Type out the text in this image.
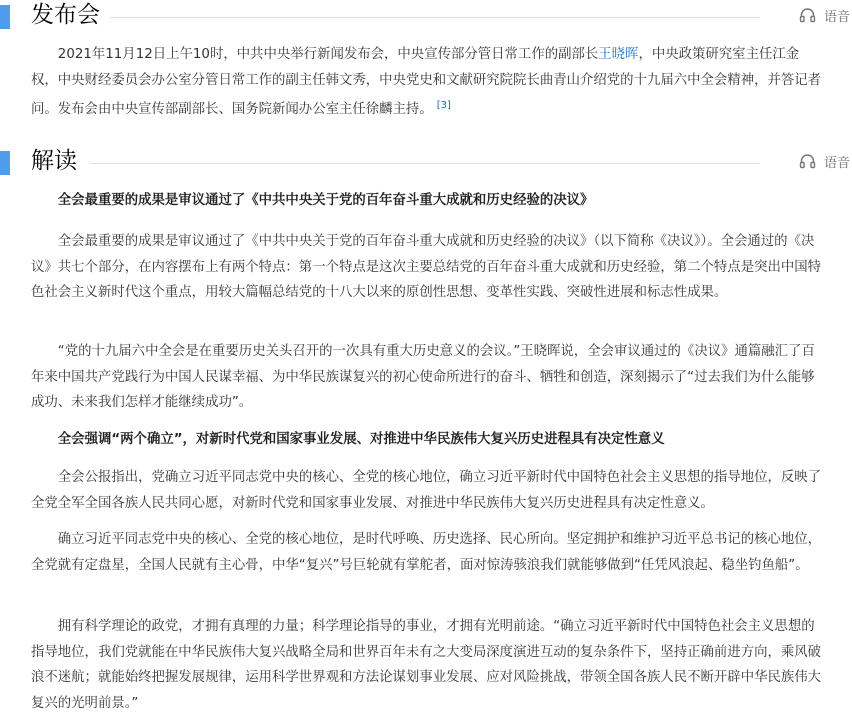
发布会	语音

2021年11月12日上午10时，中共中央举行新闻发布会，中央宣传部分管日常工作的副部长王晓晖，中央政策研究室主任江金权，中央财经委员会办公室分管日常工作的副主任韩文秀，中央党史和文献研究院院长曲青山介绍党的十九届六中全会精神，并答记者问。发布会由中央宣传部副部长、国务院新闻办公室主任徐麟主持。 [3]

解读	语音

全会最重要的成果是审议通过了《中共中央关于党的百年奋斗重大成就和历史经验的决议》

全会最重要的成果是审议通过了《中共中央关于党的百年奋斗重大成就和历史经验的决议》（以下简称《决议》）。全会通过的《决议》共七个部分，在内容摆布上有两个特点：第一个特点是这次主要总结党的百年奋斗重大成就和历史经验，第二个特点是突出中国特色社会主义新时代这个重点，用较大篇幅总结党的十八大以来的原创性思想、变革性实践、突破性进展和标志性成果。

“党的十九届六中全会是在重要历史关头召开的一次具有重大历史意义的会议。”王晓晖说，全会审议通过的《决议》通篇融汇了百年来中国共产党践行为中国人民谋幸福、为中华民族谋复兴的初心使命所进行的奋斗、牺牲和创造，深刻揭示了“过去我们为什么能够成功、未来我们怎样才能继续成功”。

全会强调“两个确立”，对新时代党和国家事业发展、对推进中华民族伟大复兴历史进程具有决定性意义

全会公报指出，党确立习近平同志党中央的核心、全党的核心地位，确立习近平新时代中国特色社会主义思想的指导地位，反映了全党全军全国各族人民共同心愿，对新时代党和国家事业发展、对推进中华民族伟大复兴历史进程具有决定性意义。

确立习近平同志党中央的核心、全党的核心地位，是时代呼唤、历史选择、民心所向。坚定拥护和维护习近平总书记的核心地位，全党就有定盘星，全国人民就有主心骨，中华“复兴”号巨轮就有掌舵者，面对惊涛骇浪我们就能够做到“任凭风浪起、稳坐钓鱼船”。

拥有科学理论的政党，才拥有真理的力量；科学理论指导的事业，才拥有光明前途。“确立习近平新时代中国特色社会主义思想的指导地位，我们党就能在中华民族伟大复兴战略全局和世界百年未有之大变局深度演进互动的复杂条件下，坚持正确前进方向，乘风破浪不迷航；就能始终把握发展规律，运用科学世界观和方法论谋划事业发展、应对风险挑战，带领全国各族人民不断开辟中华民族伟大复兴的光明前景。”
